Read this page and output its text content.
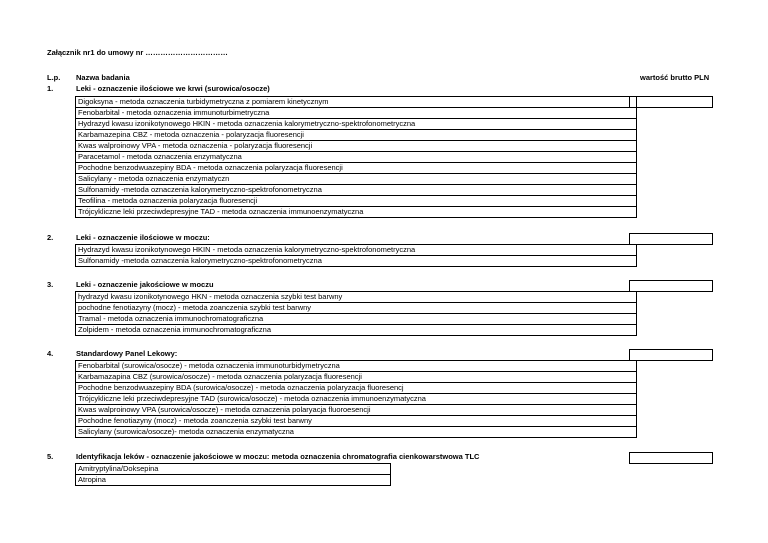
Załącznik nr1 do umowy nr ……………………………
L.p. Nazwa badania	wartość brutto PLN
1.	Leki - oznaczenie ilościowe we krwi (surowica/osocze)
Digoksyna - metoda oznaczenia turbidymetryczna z pomiarem kinetycznym
Fenobarbital - metoda oznaczenia immunoturbimetryczna
Hydrazyd kwasu izonikotynowego HKIN - metoda oznaczenia kalorymetryczno-spektrofonometryczna
Karbamazepina CBZ - metoda oznaczenia - polaryzacja fluoresencji
Kwas walproinowy VPA - metoda oznaczenia - polaryzacja fluoresencji
Paracetamol - metoda oznaczenia enzymatyczna
Pochodne benzodwuazepiny BDA - metoda oznaczenia polaryzacja fluoresencji
Salicylany - metoda oznaczenia enzymatyczn
Sulfonamidy -metoda oznaczenia kalorymetryczno-spektrofonometryczna
Teofilina - metoda oznaczenia polaryzacja fluoresencji
Trójcykliczne leki przeciwdepresyjne TAD - metoda oznaczenia immunoenzymatyczna
2.	Leki - oznaczenie ilościowe w moczu:
Hydrazyd kwasu izonikotynowego HKIN - metoda oznaczenia kalorymetryczno-spektrofonometryczna
Sulfonamidy -metoda oznaczenia kalorymetryczno-spektrofonometryczna
3.	Leki - oznaczenie jakościowe w moczu
hydrazyd kwasu izonikotynowego HKN - metoda oznaczenia szybki test barwny
pochodne fenotiazyny (mocz) - metoda zoanczenia szybki test barwny
Tramal - metoda oznaczenia immunochromatograficzna
Zolpidem - metoda oznaczenia immunochromatograficzna
4.	Standardowy Panel Lekowy:
Fenobarbital (surowica/osocze) - metoda oznaczenia immunoturbidymetryczna
Karbamazapina CBZ (surowica/osocze) - metoda oznaczenia polaryzacja fluoresencji
Pochodne benzodwuazepiny BDA (surowica/osocze) - metoda oznaczenia polaryzacja fluoresencj
Trójcykliczne leki przeciwdepresyjne TAD (surowica/osocze) - metoda oznaczenia immunoenzymatyczna
Kwas walproinowy VPA (surowica/osocze) - metoda oznaczenia polaryacja fluoroesencji
Pochodne fenotiazyny (mocz) - metoda zoanczenia szybki test barwny
Salicylany (surowica/osocze)- metoda oznaczenia enzymatyczna
5.	Identyfikacja leków - oznaczenie jakościowe w moczu: metoda oznaczenia chromatografia cienkowarstwowa TLC
Amitryptylina/Doksepina
Atropina
